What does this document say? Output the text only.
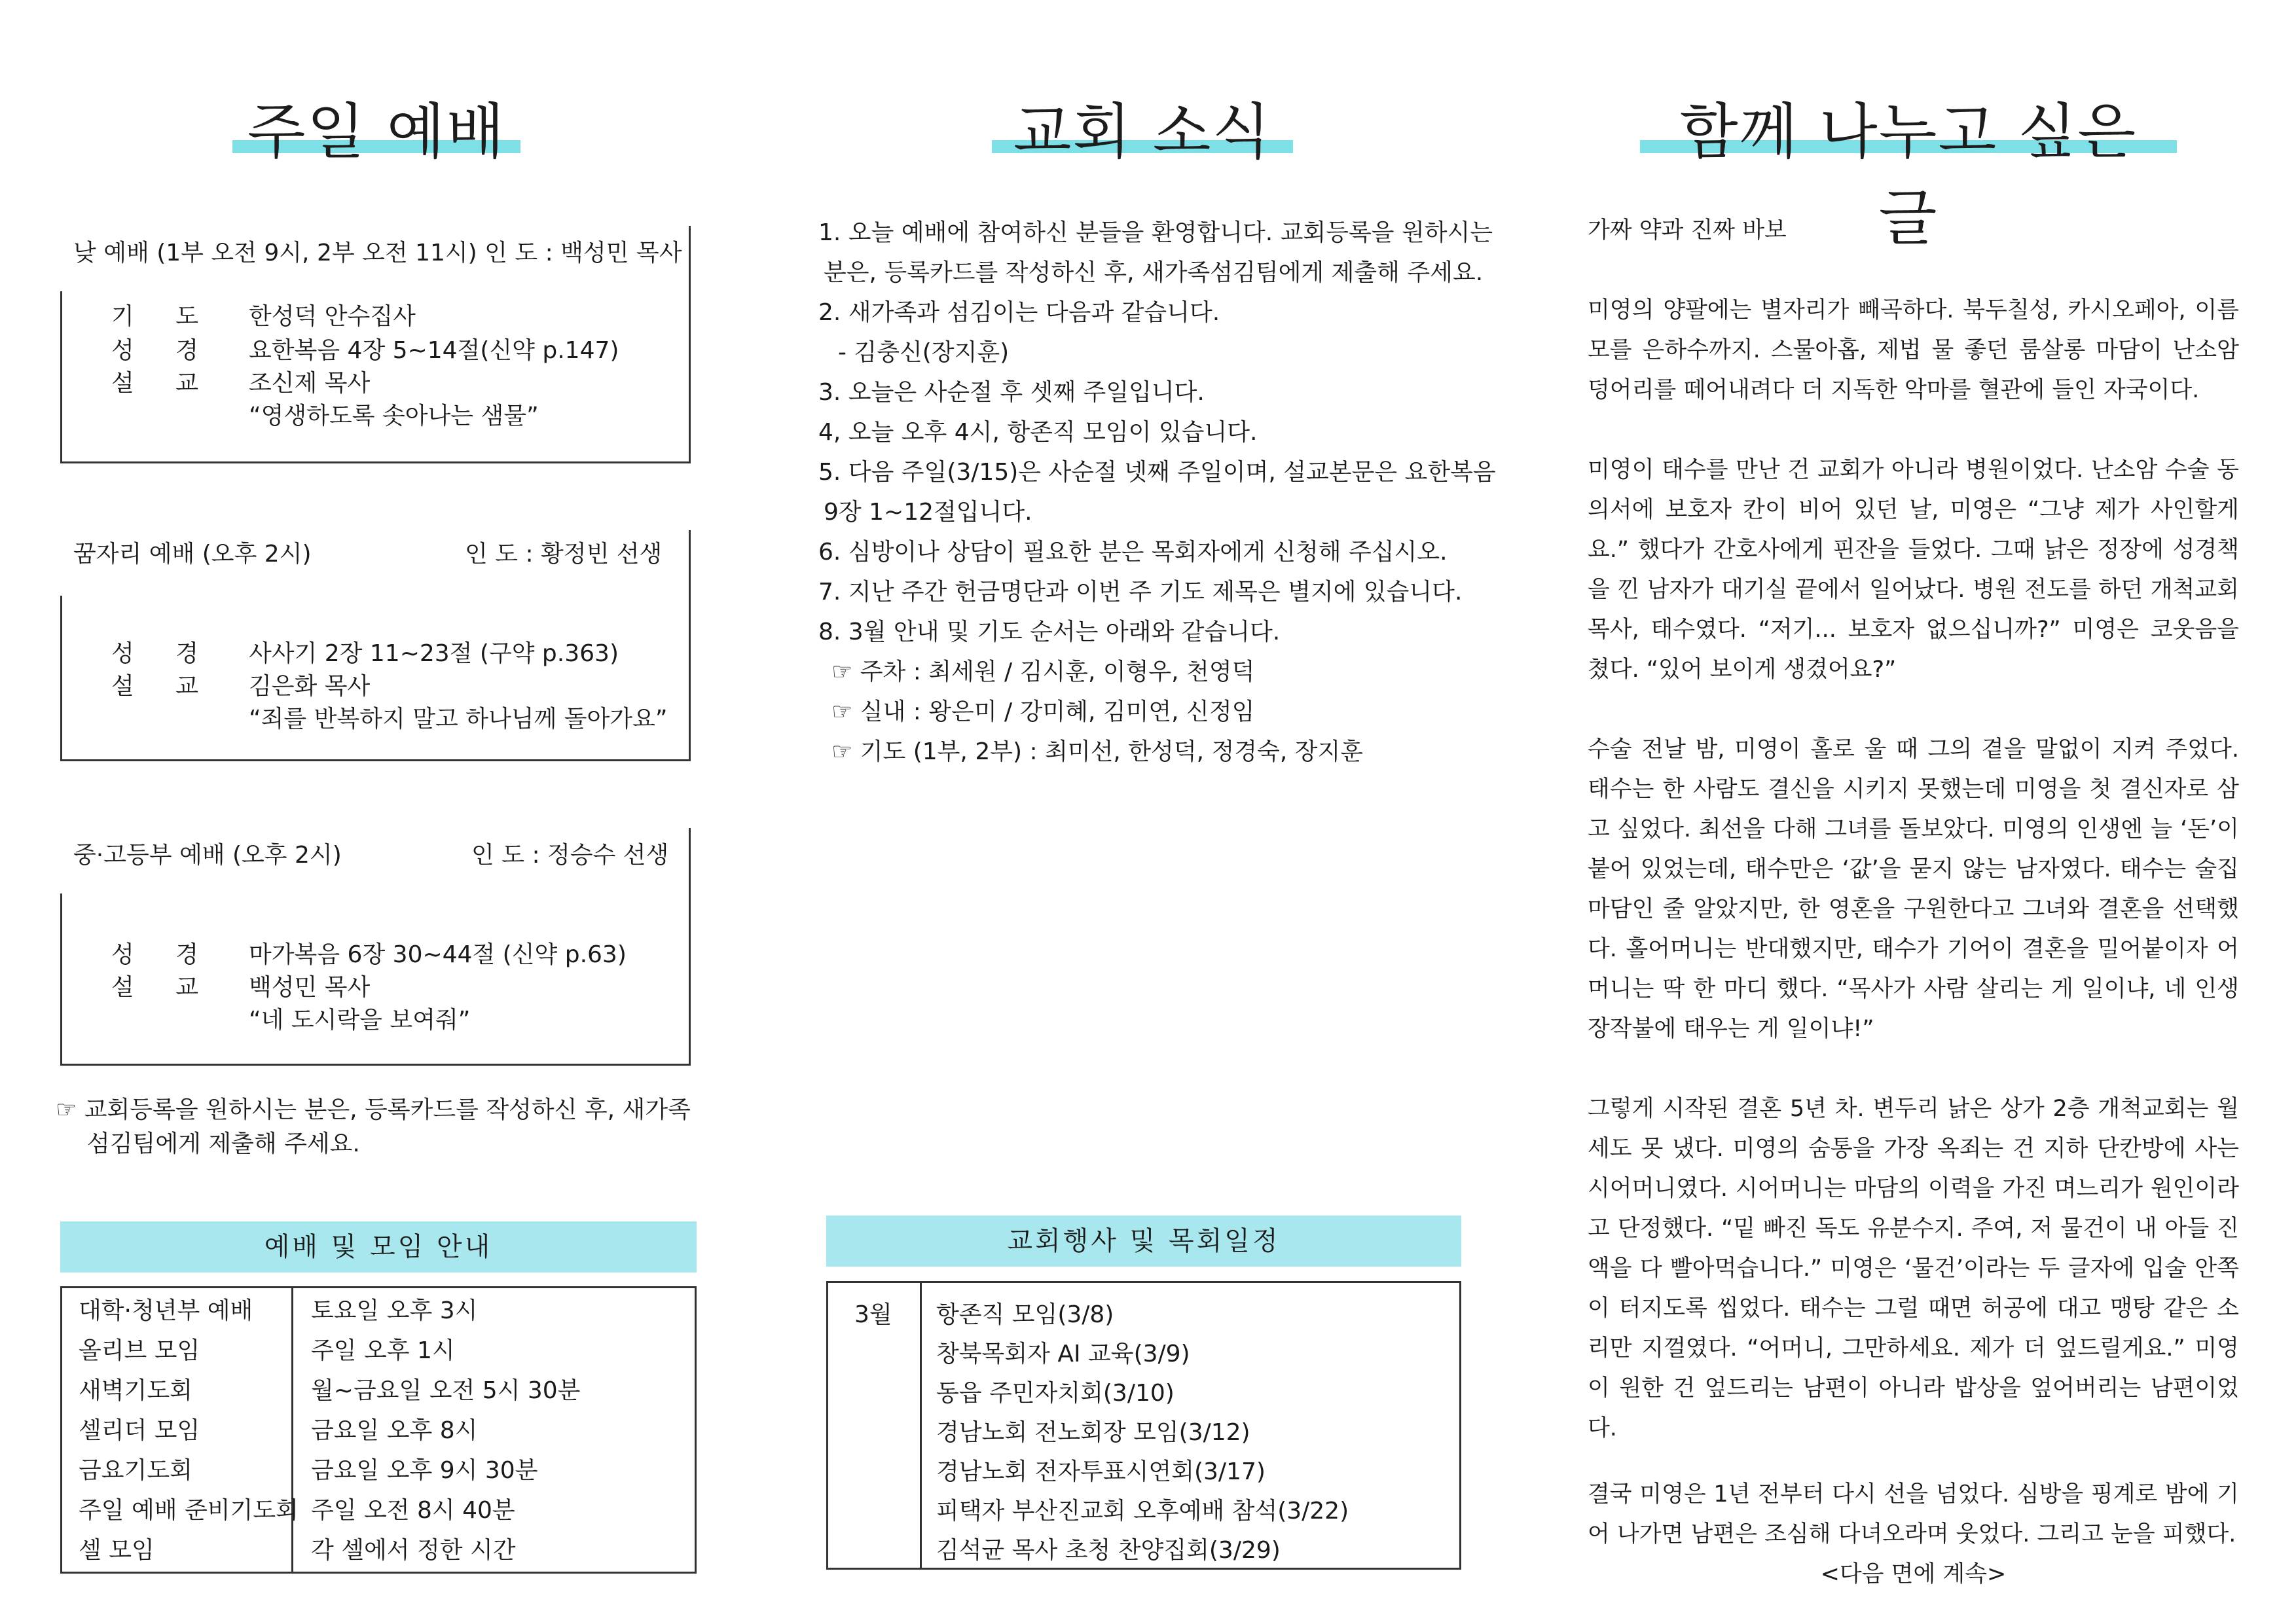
주일 예배	교회 소식	함께 나누고 싶은 글
낮 예배 (1부 오전 9시, 2부 오전 11시) 인 도 : 백성민 목사
기 도 한성덕 안수집사
성 경 요한복음 4장 5~14절(신약 p.147)
설 교 조신제 목사
“영생하도록 솟아나는 샘물”
꿈자리 예배 (오후 2시)	인 도 : 황정빈 선생
성 경 사사기 2장 11~23절 (구약 p.363)
설 교 김은화 목사
“죄를 반복하지 말고 하나님께 돌아가요”
중·고등부 예배 (오후 2시)	인 도 : 정승수 선생
성 경 마가복음 6장 30~44절 (신약 p.63)
설 교 백성민 목사
“네 도시락을 보여줘”
☞ 교회등록을 원하시는 분은, 등록카드를 작성하신 후, 새가족
섬김팀에게 제출해 주세요.
예배 및 모임 안내
대학·청년부 예배 토요일 오후 3시
올리브 모임	주일 오후 1시
새벽기도회	월~금요일 오전 5시 30분
셀리더 모임	금요일 오후 8시
금요기도회	금요일 오후 9시 30분
주일 예배 준비기도회 주일 오전 8시 40분
셀 모임	각 셀에서 정한 시간
1. 오늘 예배에 참여하신 분들을 환영합니다. 교회등록을 원하시는
분은, 등록카드를 작성하신 후, 새가족섬김팀에게 제출해 주세요.
2. 새가족과 섬김이는 다음과 같습니다.
- 김충신(장지훈)
3. 오늘은 사순절 후 셋째 주일입니다.
4, 오늘 오후 4시, 항존직 모임이 있습니다.
5. 다음 주일(3/15)은 사순절 넷째 주일이며, 설교본문은 요한복음
9장 1~12절입니다.
6. 심방이나 상담이 필요한 분은 목회자에게 신청해 주십시오.
7. 지난 주간 헌금명단과 이번 주 기도 제목은 별지에 있습니다.
8. 3월 안내 및 기도 순서는 아래와 같습니다.
☞ 주차 : 최세원 / 김시훈, 이형우, 천영덕
☞ 실내 : 왕은미 / 강미혜, 김미연, 신정임
☞ 기도 (1부, 2부) : 최미선, 한성덕, 정경숙, 장지훈
교회행사 및 목회일정
3월 항존직 모임(3/8)
창북목회자 AI 교육(3/9)
동읍 주민자치회(3/10)
경남노회 전노회장 모임(3/12)
경남노회 전자투표시연회(3/17)
피택자 부산진교회 오후예배 참석(3/22)
김석균 목사 초청 찬양집회(3/29)

가짜 약과 진짜 바보

미영의 양팔에는 별자리가 빼곡하다. 북두칠성, 카시오페아, 이름 모를 은하수까지. 스물아홉, 제법 물 좋던 룸살롱 마담이 난소암 덩어리를 떼어내려다 더 지독한 악마를 혈관에 들인 자국이다.

미영이 태수를 만난 건 교회가 아니라 병원이었다. 난소암 수술 동의서에 보호자 칸이 비어 있던 날, 미영은 “그냥 제가 사인할게요.” 했다가 간호사에게 핀잔을 들었다. 그때 낡은 정장에 성경책을 낀 남자가 대기실 끝에서 일어났다. 병원 전도를 하던 개척교회 목사, 태수였다. “저기... 보호자 없으십니까?” 미영은 코웃음을 쳤다. “있어 보이게 생겼어요?”

수술 전날 밤, 미영이 홀로 울 때 그의 곁을 말없이 지켜 주었다. 태수는 한 사람도 결신을 시키지 못했는데 미영을 첫 결신자로 삼고 싶었다. 최선을 다해 그녀를 돌보았다. 미영의 인생엔 늘 ‘돈’이 붙어 있었는데, 태수만은 ‘값’을 묻지 않는 남자였다. 태수는 술집 마담인 줄 알았지만, 한 영혼을 구원한다고 그녀와 결혼을 선택했다. 홀어머니는 반대했지만, 태수가 기어이 결혼을 밀어붙이자 어머니는 딱 한 마디 했다. “목사가 사람 살리는 게 일이냐, 네 인생 장작불에 태우는 게 일이냐!”

그렇게 시작된 결혼 5년 차. 변두리 낡은 상가 2층 개척교회는 월세도 못 냈다. 미영의 숨통을 가장 옥죄는 건 지하 단칸방에 사는 시어머니였다. 시어머니는 마담의 이력을 가진 며느리가 원인이라고 단정했다. “밑 빠진 독도 유분수지. 주여, 저 물건이 내 아들 진액을 다 빨아먹습니다.” 미영은 ‘물건’이라는 두 글자에 입술 안쪽이 터지도록 씹었다. 태수는 그럴 때면 허공에 대고 맹탕 같은 소리만 지껄였다. “어머니, 그만하세요. 제가 더 엎드릴게요.” 미영이 원한 건 엎드리는 남편이 아니라 밥상을 엎어버리는 남편이었다.

결국 미영은 1년 전부터 다시 선을 넘었다. 심방을 핑계로 밤에 기어 나가면 남편은 조심해 다녀오라며 웃었다. 그리고 눈을 피했다.

<다음 면에 계속>
